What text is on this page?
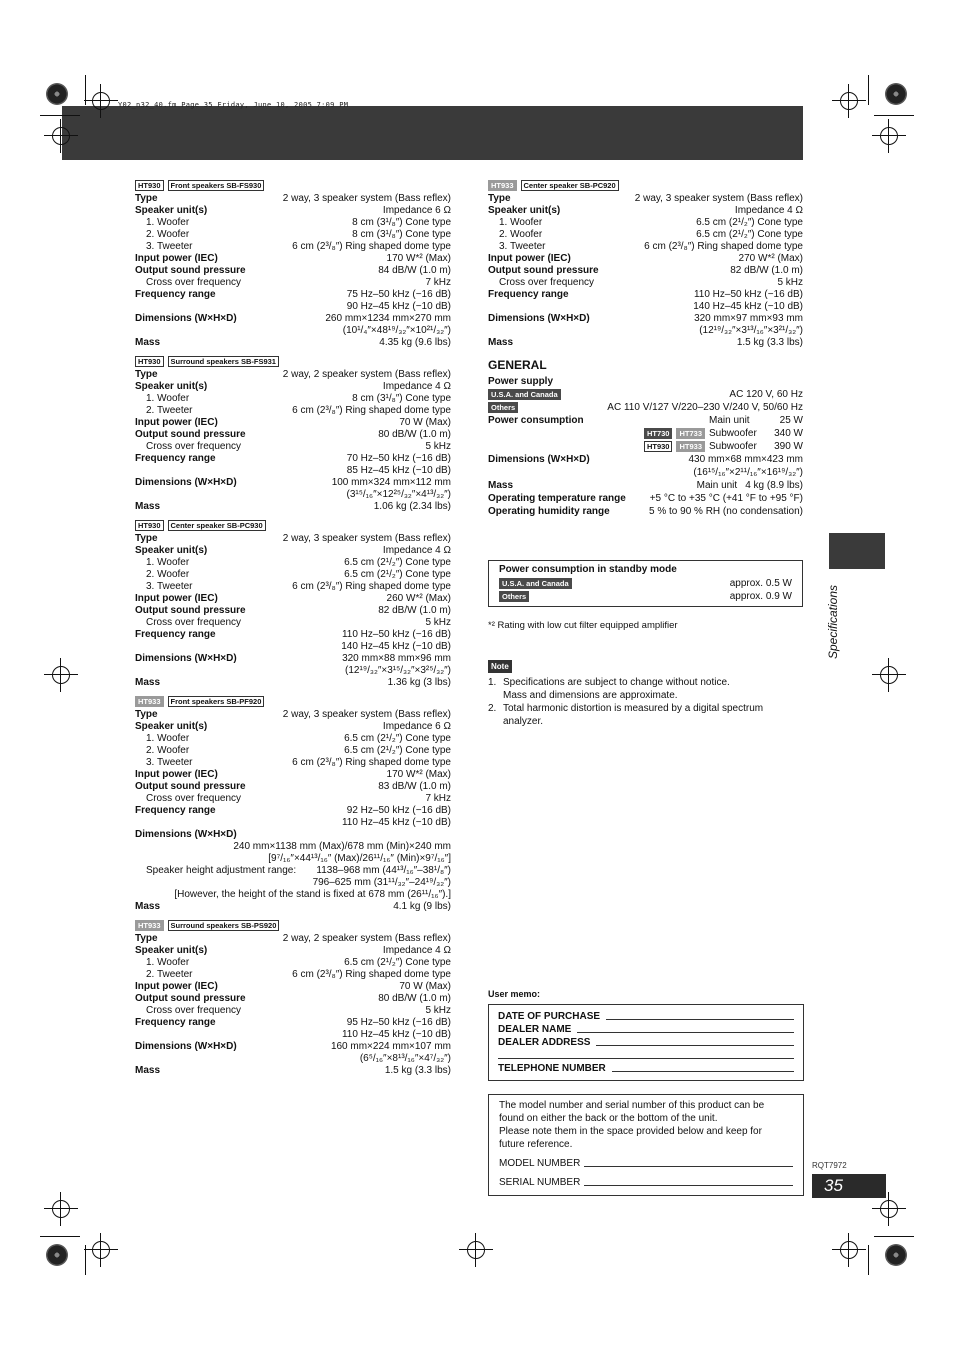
Y02_n32_40.fm Page 35 Friday, June 10, 2005 7:09 PM
Specifications
RQT7972
35
HT930	Front speakers SB-FS930
Type	2 way, 3 speaker system (Bass reflex)
Speaker unit(s)	Impedance 6 Ω
1. Woofer	8 cm (3¹/₈″) Cone type
2. Woofer	8 cm (3¹/₈″) Cone type
3. Tweeter	6 cm (2³/₈″) Ring shaped dome type
Input power (IEC)	170 W*² (Max)
Output sound pressure	84 dB/W (1.0 m)
Cross over frequency	7 kHz
Frequency range	75 Hz–50 kHz (−16 dB)
90 Hz–45 kHz (−10 dB)
Dimensions (W×H×D)	260 mm×1234 mm×270 mm
(10¹/₄″×48¹⁹/₃₂″×10²¹/₃₂″)
Mass	4.35 kg (9.6 lbs)
HT930	Surround speakers SB-FS931
Type	2 way, 2 speaker system (Bass reflex)
Speaker unit(s)	Impedance 4 Ω
1. Woofer	8 cm (3¹/₈″) Cone type
2. Tweeter	6 cm (2³/₈″) Ring shaped dome type
Input power (IEC)	70 W (Max)
Output sound pressure	80 dB/W (1.0 m)
Cross over frequency	5 kHz
Frequency range	70 Hz–50 kHz (−16 dB)
85 Hz–45 kHz (−10 dB)
Dimensions (W×H×D)	100 mm×324 mm×112 mm
(3¹⁵/₁₆″×12²⁵/₃₂″×4¹³/₃₂″)
Mass	1.06 kg (2.34 lbs)
HT930	Center speaker SB-PC930
Type	2 way, 3 speaker system (Bass reflex)
Speaker unit(s)	Impedance 4 Ω
1. Woofer	6.5 cm (2¹/₂″) Cone type
2. Woofer	6.5 cm (2¹/₂″) Cone type
3. Tweeter	6 cm (2³/₈″) Ring shaped dome type
Input power (IEC)	260 W*² (Max)
Output sound pressure	82 dB/W (1.0 m)
Cross over frequency	5 kHz
Frequency range	110 Hz–50 kHz (−16 dB)
140 Hz–45 kHz (−10 dB)
Dimensions (W×H×D)	320 mm×88 mm×96 mm
(12¹⁹/₃₂″×3¹⁵/₃₂″×3²⁵/₃₂″)
Mass	1.36 kg (3 lbs)
HT933	Front speakers SB-PF920
Type	2 way, 3 speaker system (Bass reflex)
Speaker unit(s)	Impedance 6 Ω
1. Woofer	6.5 cm (2¹/₂″) Cone type
2. Woofer	6.5 cm (2¹/₂″) Cone type
3. Tweeter	6 cm (2³/₈″) Ring shaped dome type
Input power (IEC)	170 W*² (Max)
Output sound pressure	83 dB/W (1.0 m)
Cross over frequency	7 kHz
Frequency range	92 Hz–50 kHz (−16 dB)
110 Hz–45 kHz (−10 dB)
Dimensions (W×H×D)
240 mm×1138 mm (Max)/678 mm (Min)×240 mm
[9⁷/₁₆″×44¹³/₁₆″ (Max)/26¹¹/₁₆″ (Min)×9⁷/₁₆″]
Speaker height adjustment range: 1138–968 mm (44¹³/₁₆″–38¹/₈″)
796–625 mm (31¹¹/₃₂″–24¹⁹/₃₂″)
[However, the height of the stand is fixed at 678 mm (26¹¹/₁₆″).]
Mass	4.1 kg (9 lbs)
HT933	Surround speakers SB-PS920
Type	2 way, 2 speaker system (Bass reflex)
Speaker unit(s)	Impedance 4 Ω
1. Woofer	6.5 cm (2¹/₂″) Cone type
2. Tweeter	6 cm (2³/₈″) Ring shaped dome type
Input power (IEC)	70 W (Max)
Output sound pressure	80 dB/W (1.0 m)
Cross over frequency	5 kHz
Frequency range	95 Hz–50 kHz (−16 dB)
110 Hz–45 kHz (−10 dB)
Dimensions (W×H×D)	160 mm×224 mm×107 mm
(6⁵/₁₆″×8¹³/₁₆″×4⁷/₃₂″)
Mass	1.5 kg (3.3 lbs)
HT933	Center speaker SB-PC920
Type	2 way, 3 speaker system (Bass reflex)
Speaker unit(s)	Impedance 4 Ω
1. Woofer	6.5 cm (2¹/₂″) Cone type
2. Woofer	6.5 cm (2¹/₂″) Cone type
3. Tweeter	6 cm (2³/₈″) Ring shaped dome type
Input power (IEC)	270 W*² (Max)
Output sound pressure	82 dB/W (1.0 m)
Cross over frequency	5 kHz
Frequency range	110 Hz–50 kHz (−16 dB)
140 Hz–45 kHz (−10 dB)
Dimensions (W×H×D)	320 mm×97 mm×93 mm
(12¹⁹/₃₂″×3¹³/₁₆″×3²¹/₃₂″)
Mass	1.5 kg (3.3 lbs)
GENERAL
Power supply
U.S.A. and Canada	AC 120 V, 60 Hz
Others	AC 110 V/127 V/220–230 V/240 V, 50/60 Hz
Power consumption	Main unit	25 W
HT730	HT733 Subwoofer	340 W
HT930	HT933 Subwoofer	390 W
Dimensions (W×H×D)	430 mm×68 mm×423 mm
(16¹⁵/₁₆″×2¹¹/₁₆″×16¹⁹/₃₂″)
Mass	Main unit 4 kg (8.9 lbs)
Operating temperature range +5 °C to +35 °C (+41 °F to +95 °F)
Operating humidity range	5 % to 90 % RH (no condensation)
Power consumption in standby mode
U.S.A. and Canada	approx. 0.5 W
Others	approx. 0.9 W
*² Rating with low cut filter equipped amplifier
Note
1. Specifications are subject to change without notice.
Mass and dimensions are approximate.
2. Total harmonic distortion is measured by a digital spectrum
analyzer.
User memo:
DATE OF PURCHASE
DEALER NAME
DEALER ADDRESS
TELEPHONE NUMBER
The model number and serial number of this product can be
found on either the back or the bottom of the unit.
Please note them in the space provided below and keep for
future reference.
MODEL NUMBER
SERIAL NUMBER
